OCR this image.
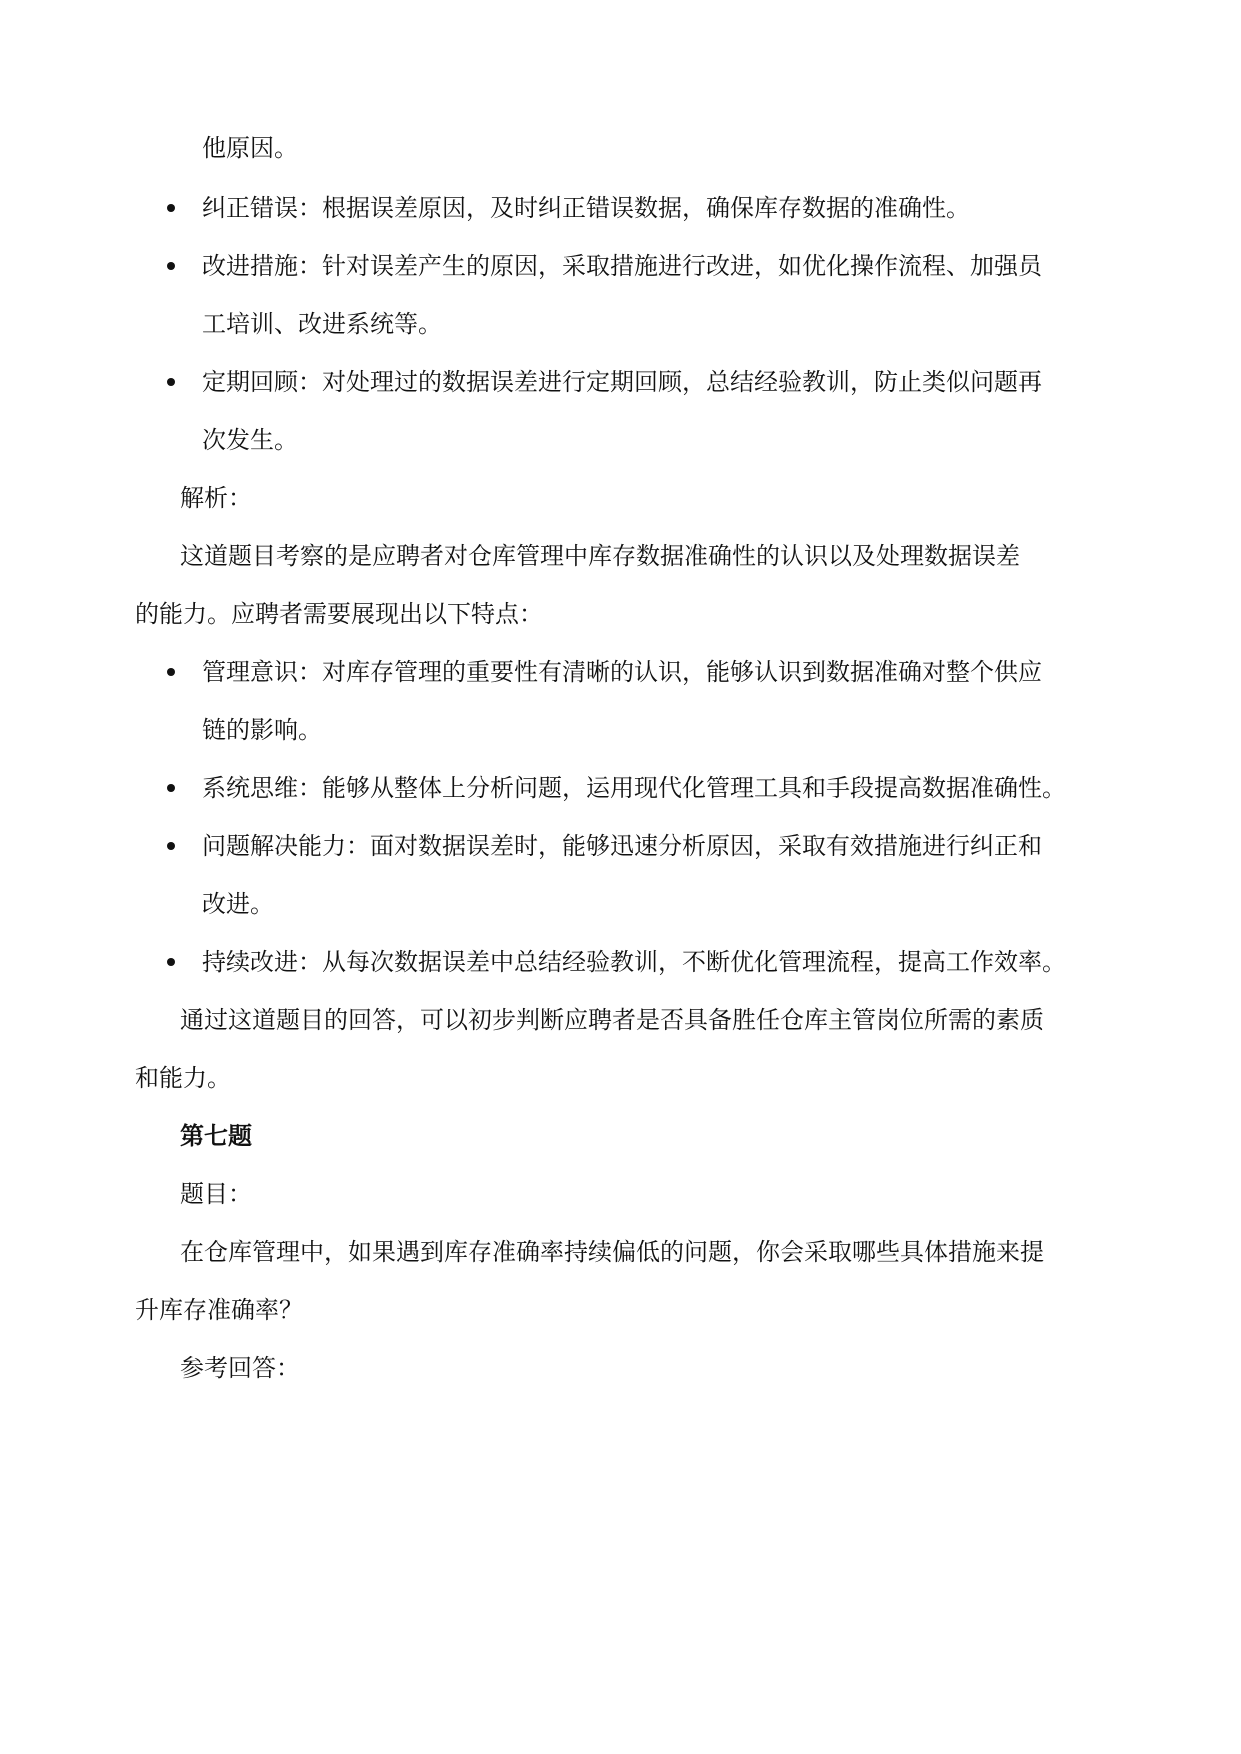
他原因。
纠正错误：根据误差原因，及时纠正错误数据，确保库存数据的准确性。
改进措施：针对误差产生的原因，采取措施进行改进，如优化操作流程、加强员
工培训、改进系统等。
定期回顾：对处理过的数据误差进行定期回顾，总结经验教训，防止类似问题再
次发生。
解析：
这道题目考察的是应聘者对仓库管理中库存数据准确性的认识以及处理数据误差
的能力。应聘者需要展现出以下特点：
管理意识：对库存管理的重要性有清晰的认识，能够认识到数据准确对整个供应
链的影响。
系统思维：能够从整体上分析问题，运用现代化管理工具和手段提高数据准确性。
问题解决能力：面对数据误差时，能够迅速分析原因，采取有效措施进行纠正和
改进。
持续改进：从每次数据误差中总结经验教训，不断优化管理流程，提高工作效率。
通过这道题目的回答，可以初步判断应聘者是否具备胜任仓库主管岗位所需的素质
和能力。
第七题
题目：
在仓库管理中，如果遇到库存准确率持续偏低的问题，你会采取哪些具体措施来提
升库存准确率？
参考回答：
